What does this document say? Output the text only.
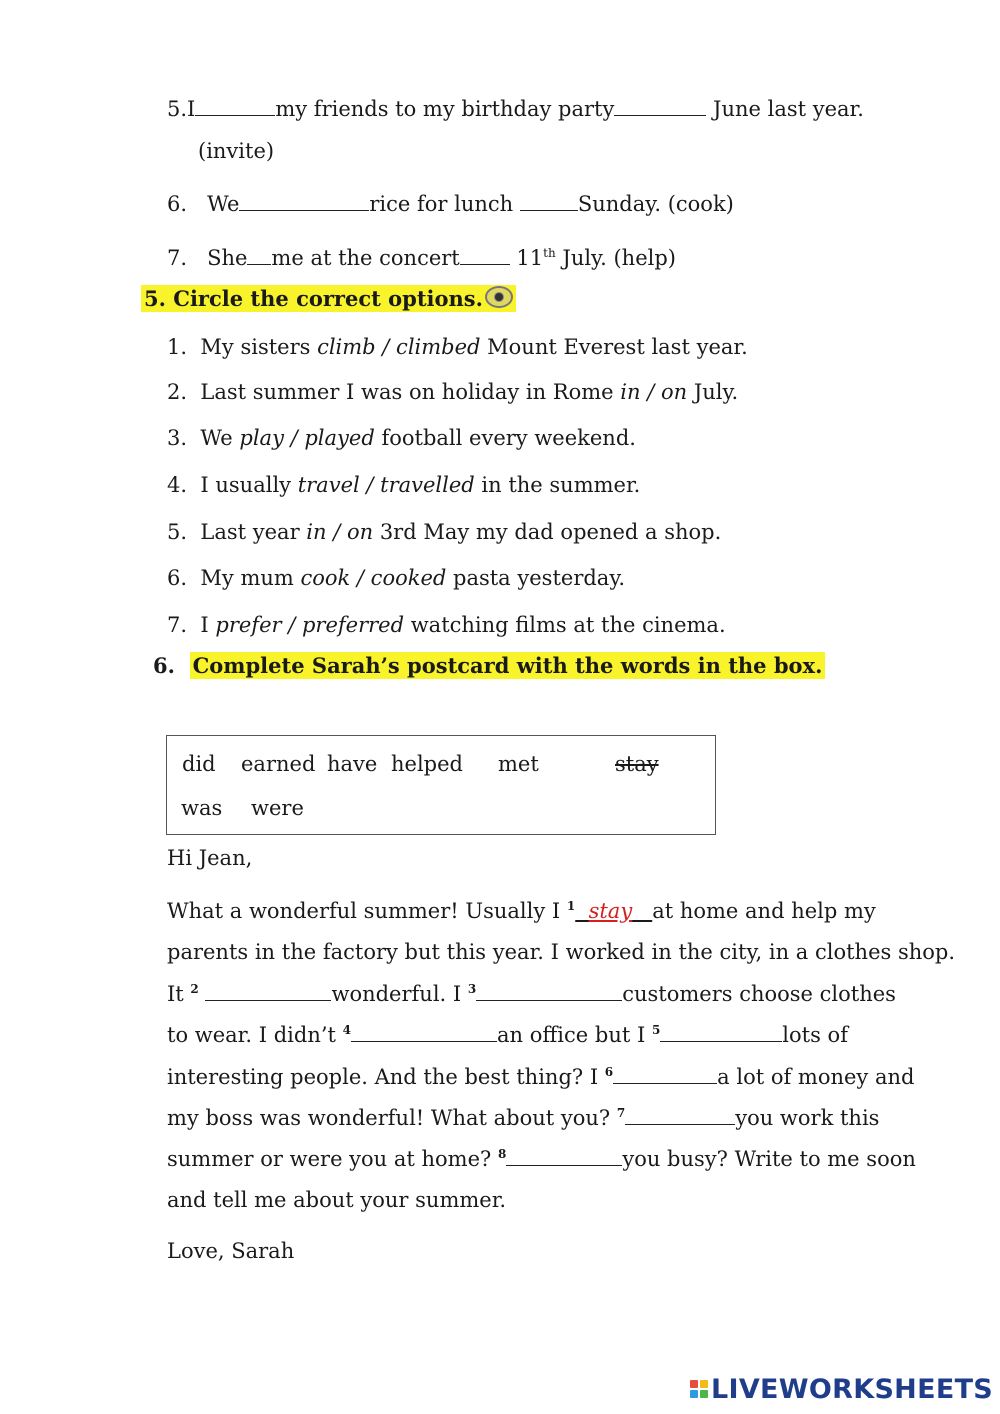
5.I	my friends to my birthday party	June last year.
(invite)
6. We	rice for lunch	Sunday. (cook)
7. She me at the concert 11th July. (help)
5. Circle the correct options.
1. My sisters climb / climbed Mount Everest last year.
2. Last summer I was on holiday in Rome in / on July.
3. We play / played football every weekend.
4. I usually travel / travelled in the summer.
5. Last year in / on 3rd May my dad opened a shop.
6. My mum cook / cooked pasta yesterday.
7. I prefer / preferred watching films at the cinema.
6. Complete Sarah’s postcard with the words in the box.
did earned have helped met	stay
was were
Hi Jean,
What a wonderful summer! Usually I $^1$ stay at home and help my
parents in the factory but this year. I worked in the city, in a clothes shop.
It $^2$	wonderful. I $^3$	customers choose clothes
to wear. I didn’t $^4$	an office but I $^5$	lots of
interesting people. And the best thing? I $^6$	a lot of money and
my boss was wonderful! What about you? $^7$	you work this
summer or were you at home? $^8$	you busy? Write to me soon
and tell me about your summer.
Love, Sarah
LIVEWORKSHEETS
